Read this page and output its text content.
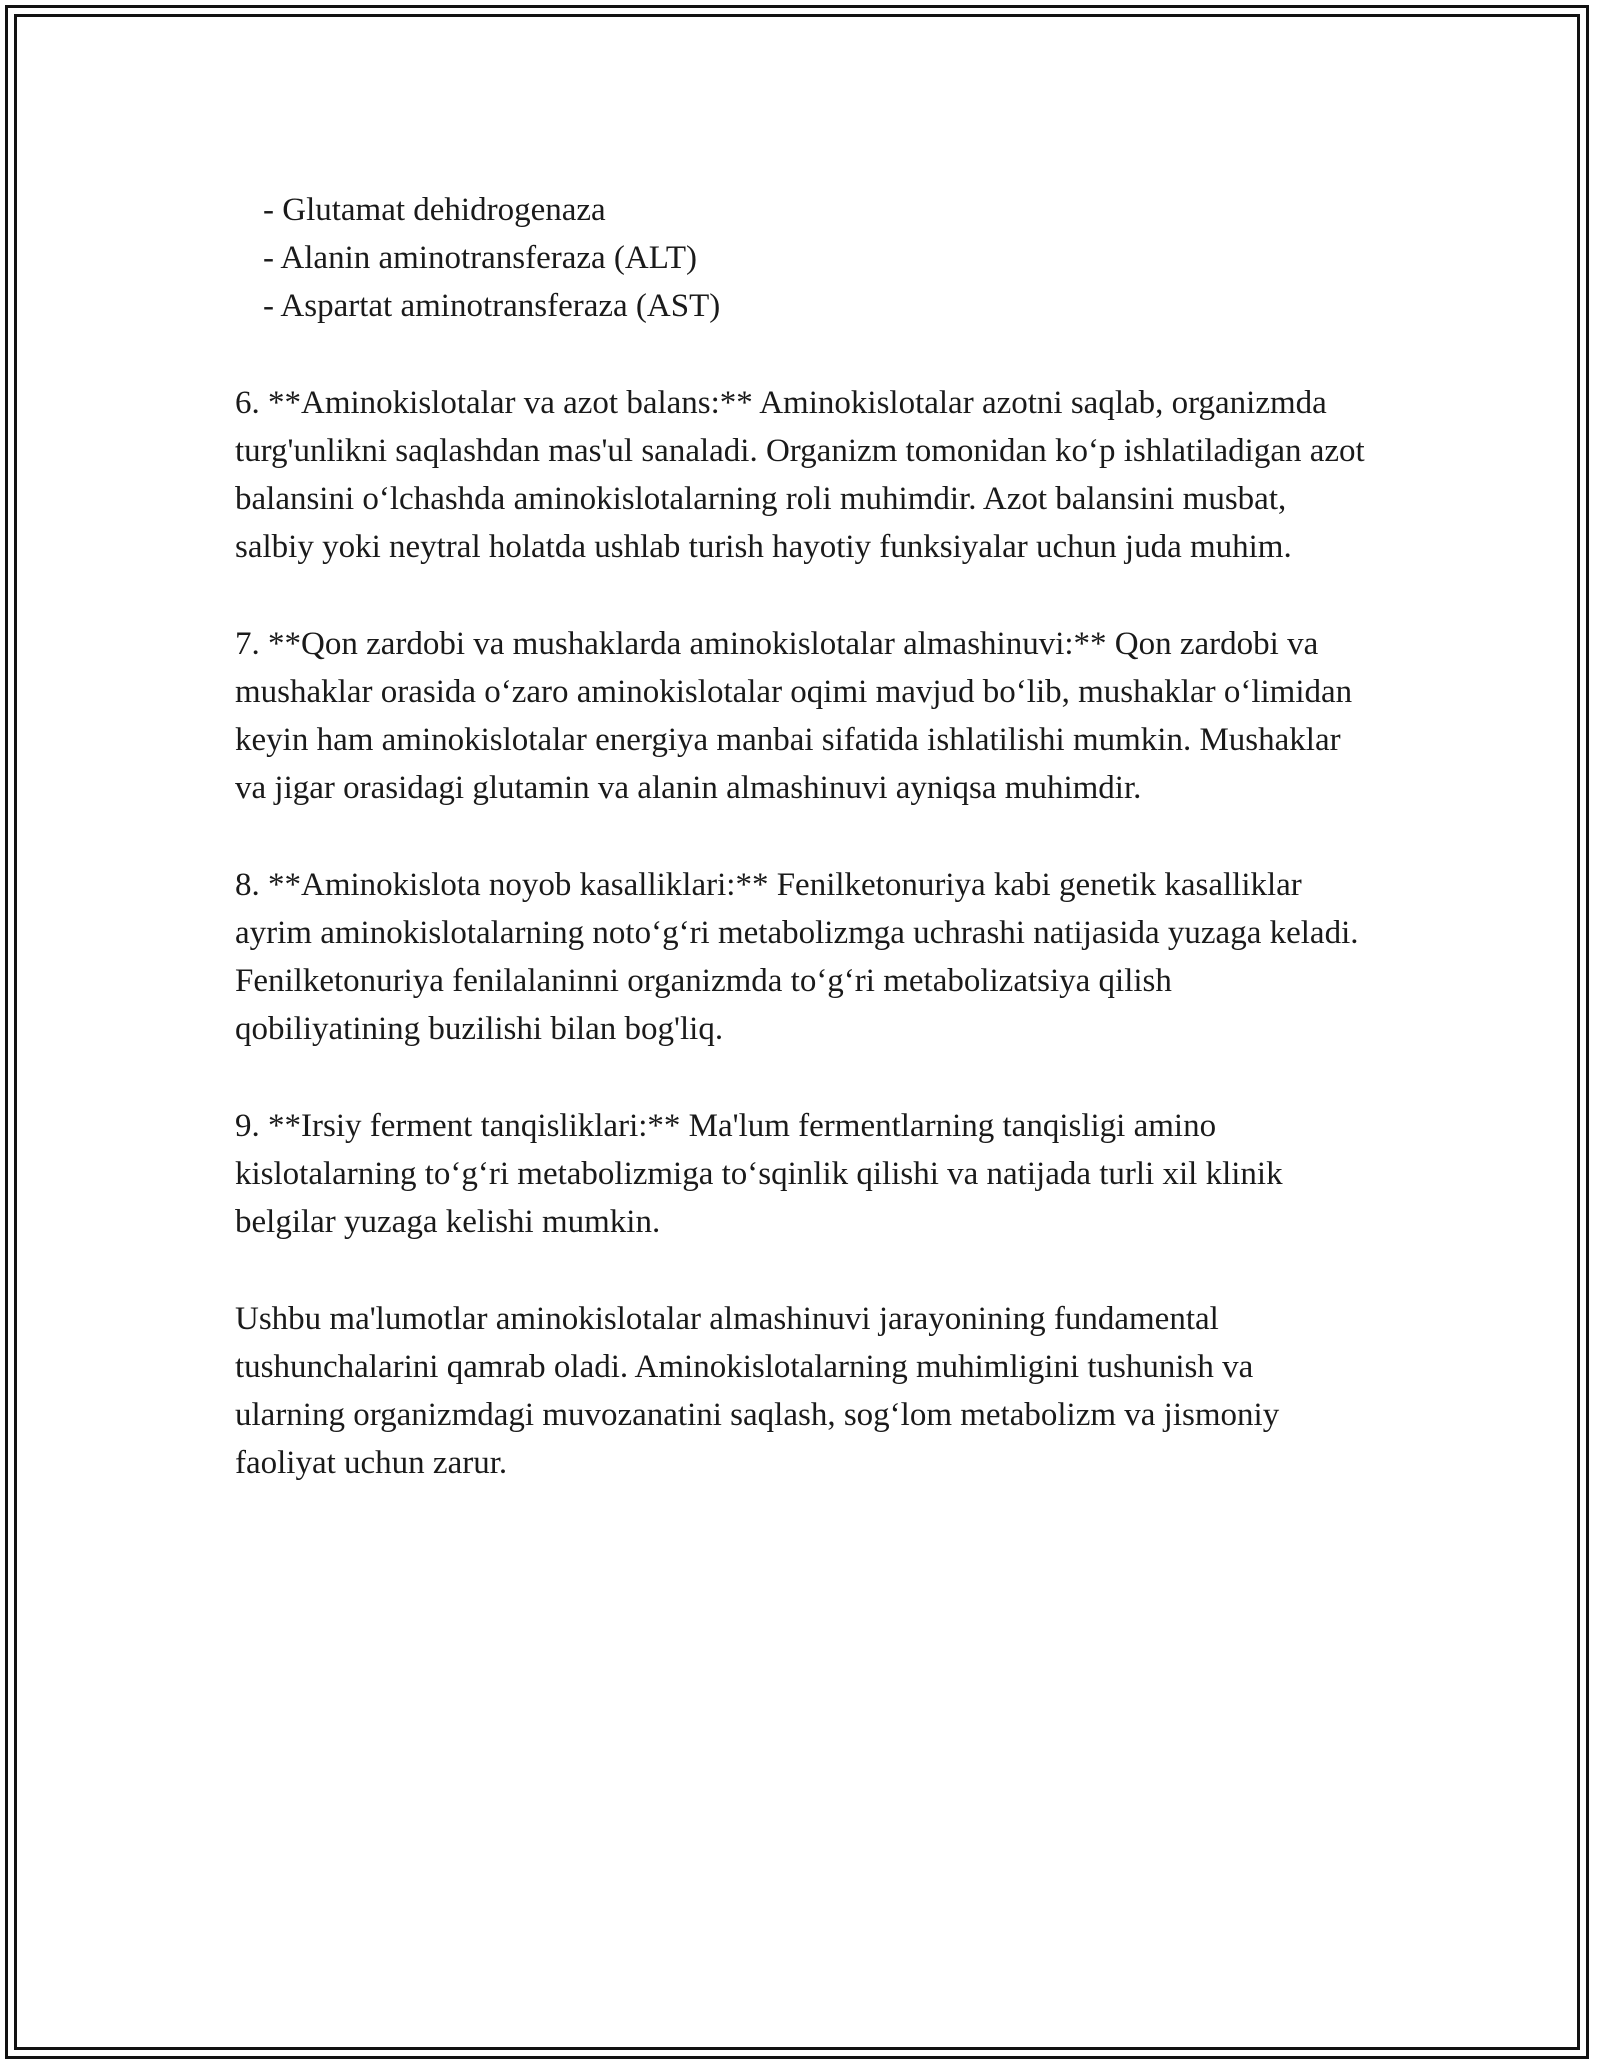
- Glutamat dehidrogenaza

- Alanin aminotransferaza (ALT)

- Aspartat aminotransferaza (AST)

6. **Aminokislotalar va azot balans:** Aminokislotalar azotni saqlab, organizmda turg'unlikni saqlashdan mas'ul sanaladi. Organizm tomonidan ko‘p ishlatiladigan azot balansini o‘lchashda aminokislotalarning roli muhimdir. Azot balansini musbat, salbiy yoki neytral holatda ushlab turish hayotiy funksiyalar uchun juda muhim.

7. **Qon zardobi va mushaklarda aminokislotalar almashinuvi:** Qon zardobi va mushaklar orasida o‘zaro aminokislotalar oqimi mavjud bo‘lib, mushaklar o‘limidan keyin ham aminokislotalar energiya manbai sifatida ishlatilishi mumkin. Mushaklar va jigar orasidagi glutamin va alanin almashinuvi ayniqsa muhimdir.

8. **Aminokislota noyob kasalliklari:** Fenilketonuriya kabi genetik kasalliklar ayrim aminokislotalarning noto‘g‘ri metabolizmga uchrashi natijasida yuzaga keladi. Fenilketonuriya fenilalaninni organizmda to‘g‘ri metabolizatsiya qilish qobiliyatining buzilishi bilan bog'liq.

9. **Irsiy ferment tanqisliklari:** Ma'lum fermentlarning tanqisligi amino kislotalarning to‘g‘ri metabolizmiga to‘sqinlik qilishi va natijada turli xil klinik belgilar yuzaga kelishi mumkin.

Ushbu ma'lumotlar aminokislotalar almashinuvi jarayonining fundamental tushunchalarini qamrab oladi. Aminokislotalarning muhimligini tushunish va ularning organizmdagi muvozanatini saqlash, sog‘lom metabolizm va jismoniy faoliyat uchun zarur.
